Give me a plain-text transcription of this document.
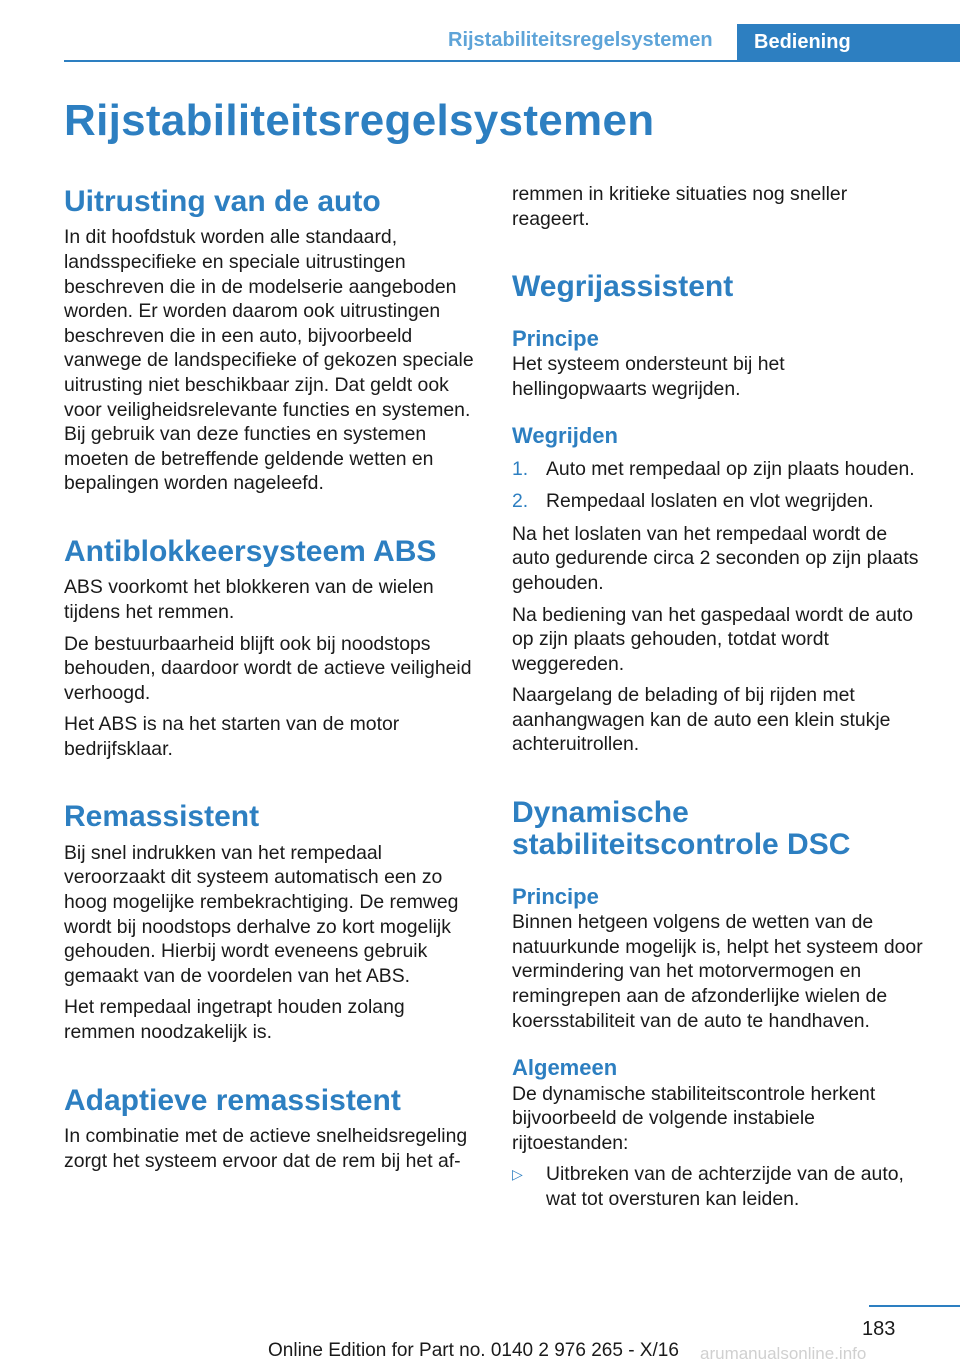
Rijstabiliteitsregelsystemen	Bediening
Rijstabiliteitsregelsystemen
Uitrusting van de auto

In dit hoofdstuk worden alle standaard, landsspecifieke en speciale uitrustingen beschreven die in de modelserie aangeboden worden. Er worden daarom ook uitrustingen beschreven die in een auto, bijvoorbeeld vanwege de landspecifieke of gekozen speciale uitrusting niet beschikbaar zijn. Dat geldt ook voor veiligheidsrelevante functies en systemen. Bij gebruik van deze functies en systemen moeten de betreffende geldende wetten en bepalingen worden nageleefd.

Antiblokkeersysteem ABS

ABS voorkomt het blokkeren van de wielen tijdens het remmen.

De bestuurbaarheid blijft ook bij noodstops behouden, daardoor wordt de actieve veiligheid verhoogd.

Het ABS is na het starten van de motor bedrijfsklaar.

Remassistent

Bij snel indrukken van het rempedaal veroorzaakt dit systeem automatisch een zo hoog mogelijke rembekrachtiging. De remweg wordt bij noodstops derhalve zo kort mogelijk gehouden. Hierbij wordt eveneens gebruik gemaakt van de voordelen van het ABS.

Het rempedaal ingetrapt houden zolang remmen noodzakelijk is.

Adaptieve remassistent

In combinatie met de actieve snelheidsregeling zorgt het systeem ervoor dat de rem bij het af-

remmen in kritieke situaties nog sneller reageert.

Wegrijassistent
Principe

Het systeem ondersteunt bij het hellingopwaarts wegrijden.

Wegrijden
1. Auto met rempedaal op zijn plaats houden.
2. Rempedaal loslaten en vlot wegrijden.

Na het loslaten van het rempedaal wordt de auto gedurende circa 2 seconden op zijn plaats gehouden.

Na bediening van het gaspedaal wordt de auto op zijn plaats gehouden, totdat wordt weggereden.

Naargelang de belading of bij rijden met aanhangwagen kan de auto een klein stukje achteruitrollen.

Dynamische stabiliteitscontrole DSC
Principe

Binnen hetgeen volgens de wetten van de natuurkunde mogelijk is, helpt het systeem door vermindering van het motorvermogen en remingrepen aan de afzonderlijke wielen de koersstabiliteit van de auto te handhaven.

Algemeen

De dynamische stabiliteitscontrole herkent bijvoorbeeld de volgende instabiele rijtoestanden:

▷ Uitbreken van de achterzijde van de auto, wat tot oversturen kan leiden.
183
Online Edition for Part no. 0140 2 976 265 - X/16 arumanualsonline.info
